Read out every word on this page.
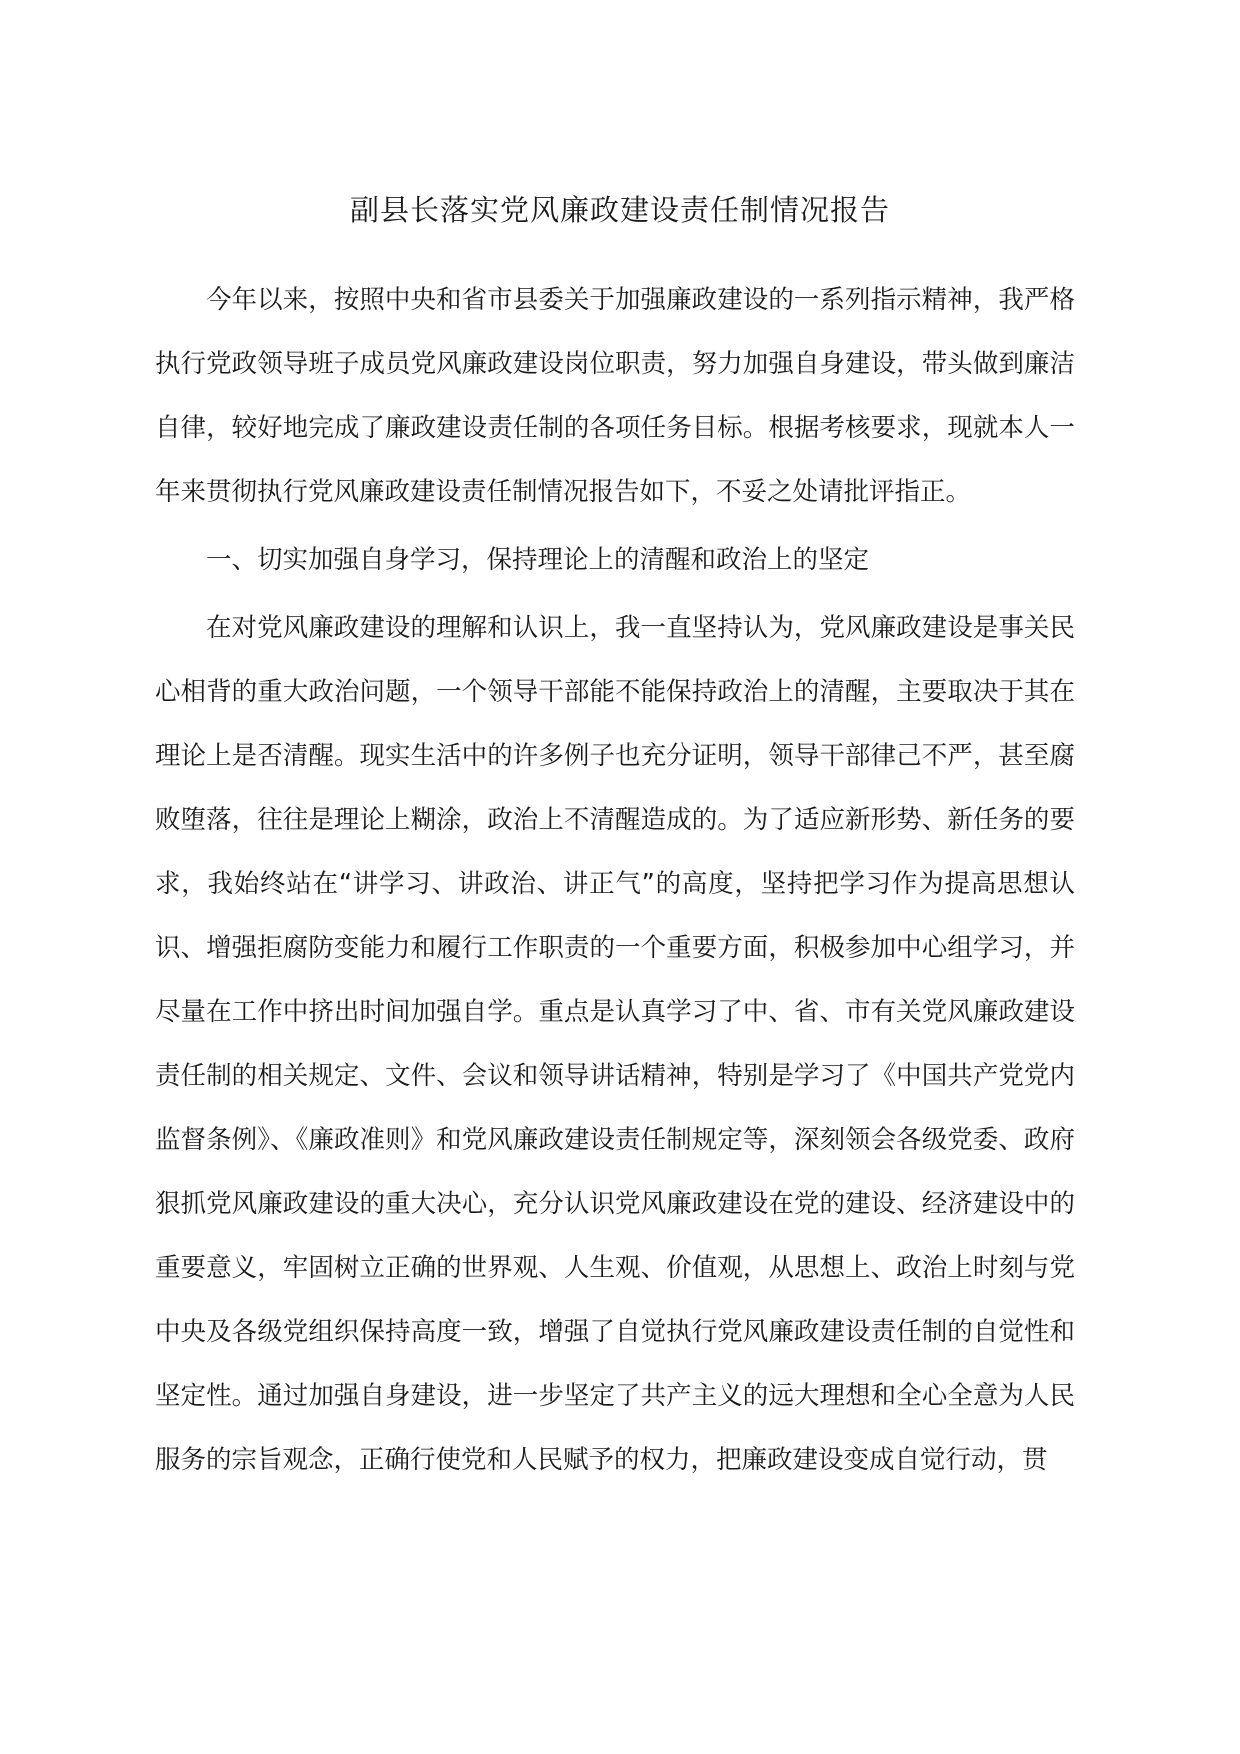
副县长落实党风廉政建设责任制情况报告

今年以来，按照中央和省市县委关于加强廉政建设的一系列指示精神，我严格执行党政领导班子成员党风廉政建设岗位职责，努力加强自身建设，带头做到廉洁自律，较好地完成了廉政建设责任制的各项任务目标。根据考核要求，现就本人一年来贯彻执行党风廉政建设责任制情况报告如下，不妥之处请批评指正。

一、切实加强自身学习，保持理论上的清醒和政治上的坚定

在对党风廉政建设的理解和认识上，我一直坚持认为，党风廉政建设是事关民心相背的重大政治问题，一个领导干部能不能保持政治上的清醒，主要取决于其在理论上是否清醒。现实生活中的许多例子也充分证明，领导干部律己不严，甚至腐败堕落，往往是理论上糊涂，政治上不清醒造成的。为了适应新形势、新任务的要求，我始终站在“讲学习、讲政治、讲正气”的高度，坚持把学习作为提高思想认识、增强拒腐防变能力和履行工作职责的一个重要方面，积极参加中心组学习，并尽量在工作中挤出时间加强自学。重点是认真学习了中、省、市有关党风廉政建设责任制的相关规定、文件、会议和领导讲话精神，特别是学习了《中国共产党党内监督条例》、《廉政准则》和党风廉政建设责任制规定等，深刻领会各级党委、政府狠抓党风廉政建设的重大决心，充分认识党风廉政建设在党的建设、经济建设中的重要意义，牢固树立正确的世界观、人生观、价值观，从思想上、政治上时刻与党中央及各级党组织保持高度一致，增强了自觉执行党风廉政建设责任制的自觉性和坚定性。通过加强自身建设，进一步坚定了共产主义的远大理想和全心全意为人民服务的宗旨观念，正确行使党和人民赋予的权力，把廉政建设变成自觉行动，贯
